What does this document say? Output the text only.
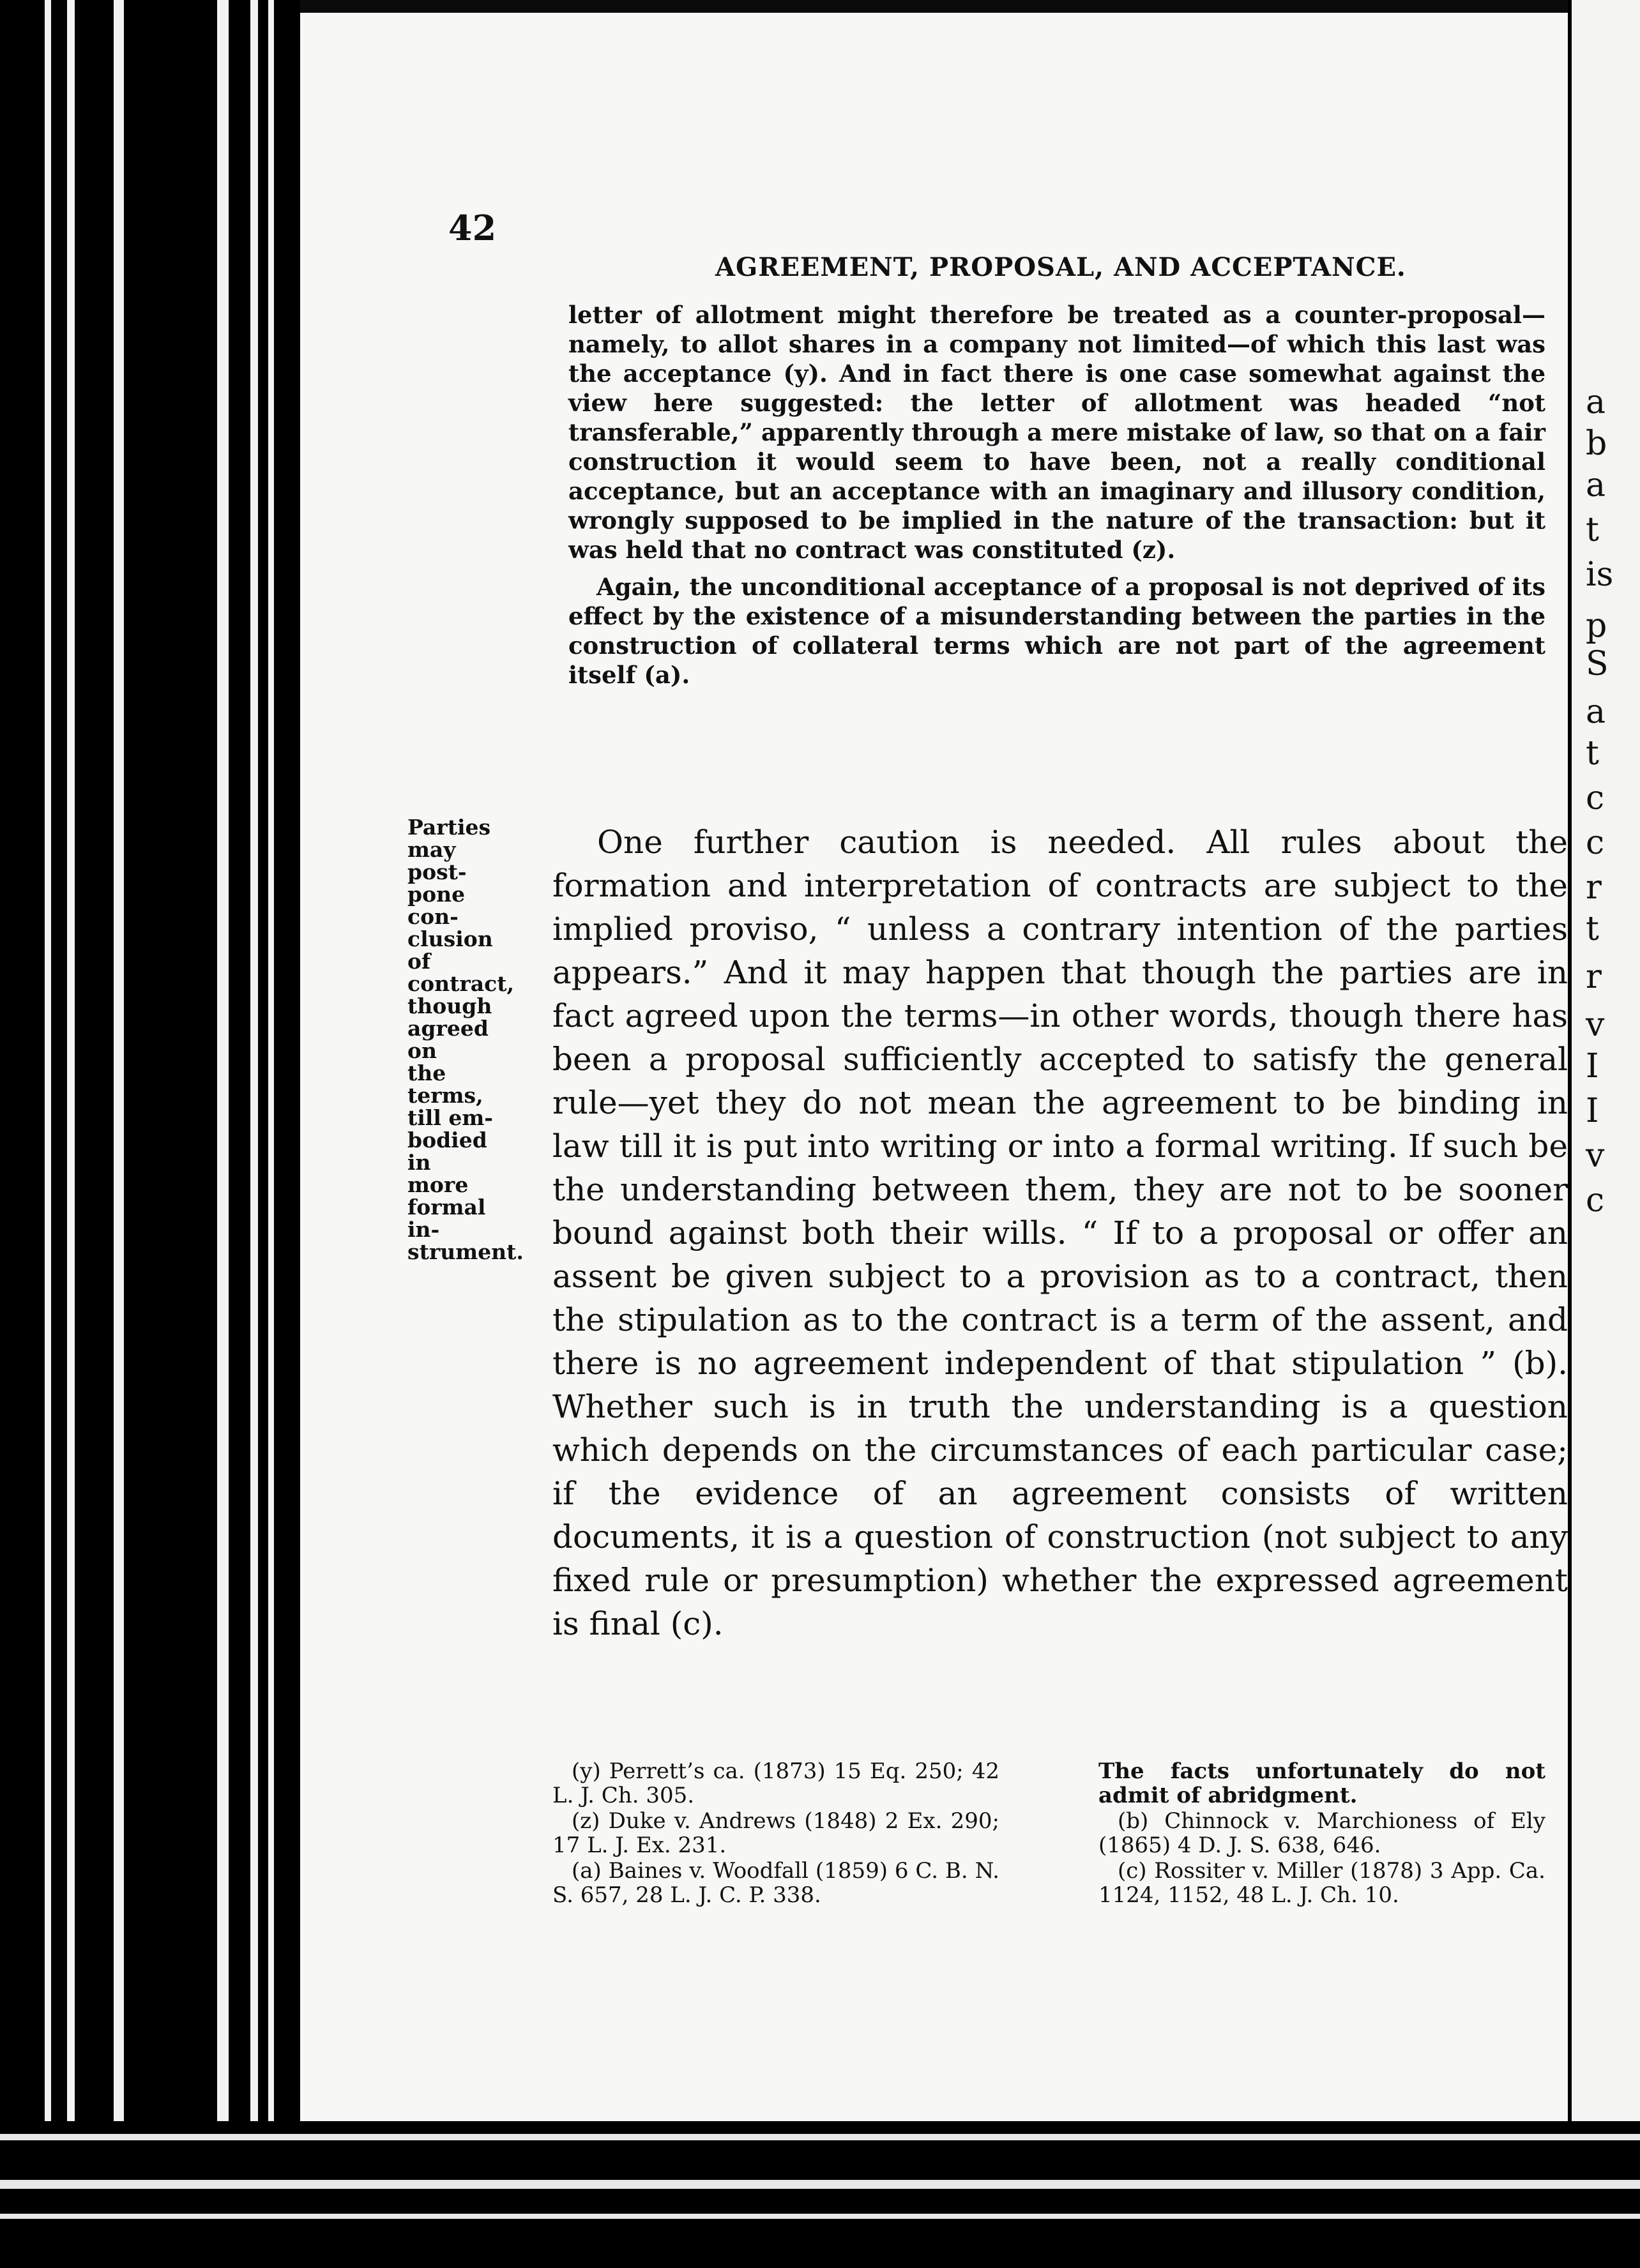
a
b
a
t
is
p
S
a
t
c
c
r
t
r
v
I
I
v
c
42
AGREEMENT, PROPOSAL, AND ACCEPTANCE.

letter of allotment might therefore be treated as a counter-proposal—namely, to allot shares in a company not limited—of which this last was the acceptance (y). And in fact there is one case somewhat against the view here suggested: the letter of allotment was headed “not transferable,” apparently through a mere mistake of law, so that on a fair construction it would seem to have been, not a really conditional acceptance, but an acceptance with an imaginary and illusory condition, wrongly supposed to be implied in the nature of the transaction: but it was held that no contract was constituted (z).

Again, the unconditional acceptance of a proposal is not deprived of its effect by the existence of a misunderstanding between the parties in the construction of collateral terms which are not part of the agreement itself (a).

Parties
may post-
pone con-
clusion of
contract,
though
agreed on
the terms,
till em-
bodied in
more
formal in-
strument.

One further caution is needed. All rules about the formation and interpretation of contracts are subject to the implied proviso, “ unless a contrary intention of the parties appears.” And it may happen that though the parties are in fact agreed upon the terms—in other words, though there has been a proposal sufficiently accepted to satisfy the general rule—yet they do not mean the agreement to be binding in law till it is put into writing or into a formal writing. If such be the understanding between them, they are not to be sooner bound against both their wills. “ If to a proposal or offer an assent be given subject to a provision as to a contract, then the stipulation as to the contract is a term of the assent, and there is no agreement independent of that stipulation ” (b). Whether such is in truth the understanding is a question which depends on the circumstances of each particular case; if the evidence of an agreement consists of written documents, it is a question of construction (not subject to any fixed rule or presumption) whether the expressed agreement is final (c).

(y) Perrett’s ca. (1873) 15 Eq. 250; 42 L. J. Ch. 305.

(z) Duke v. Andrews (1848) 2 Ex. 290; 17 L. J. Ex. 231.

(a) Baines v. Woodfall (1859) 6 C. B. N. S. 657, 28 L. J. C. P. 338.

The facts unfortunately do not admit of abridgment.

(b) Chinnock v. Marchioness of Ely (1865) 4 D. J. S. 638, 646.

(c) Rossiter v. Miller (1878) 3 App. Ca. 1124, 1152, 48 L. J. Ch. 10.
